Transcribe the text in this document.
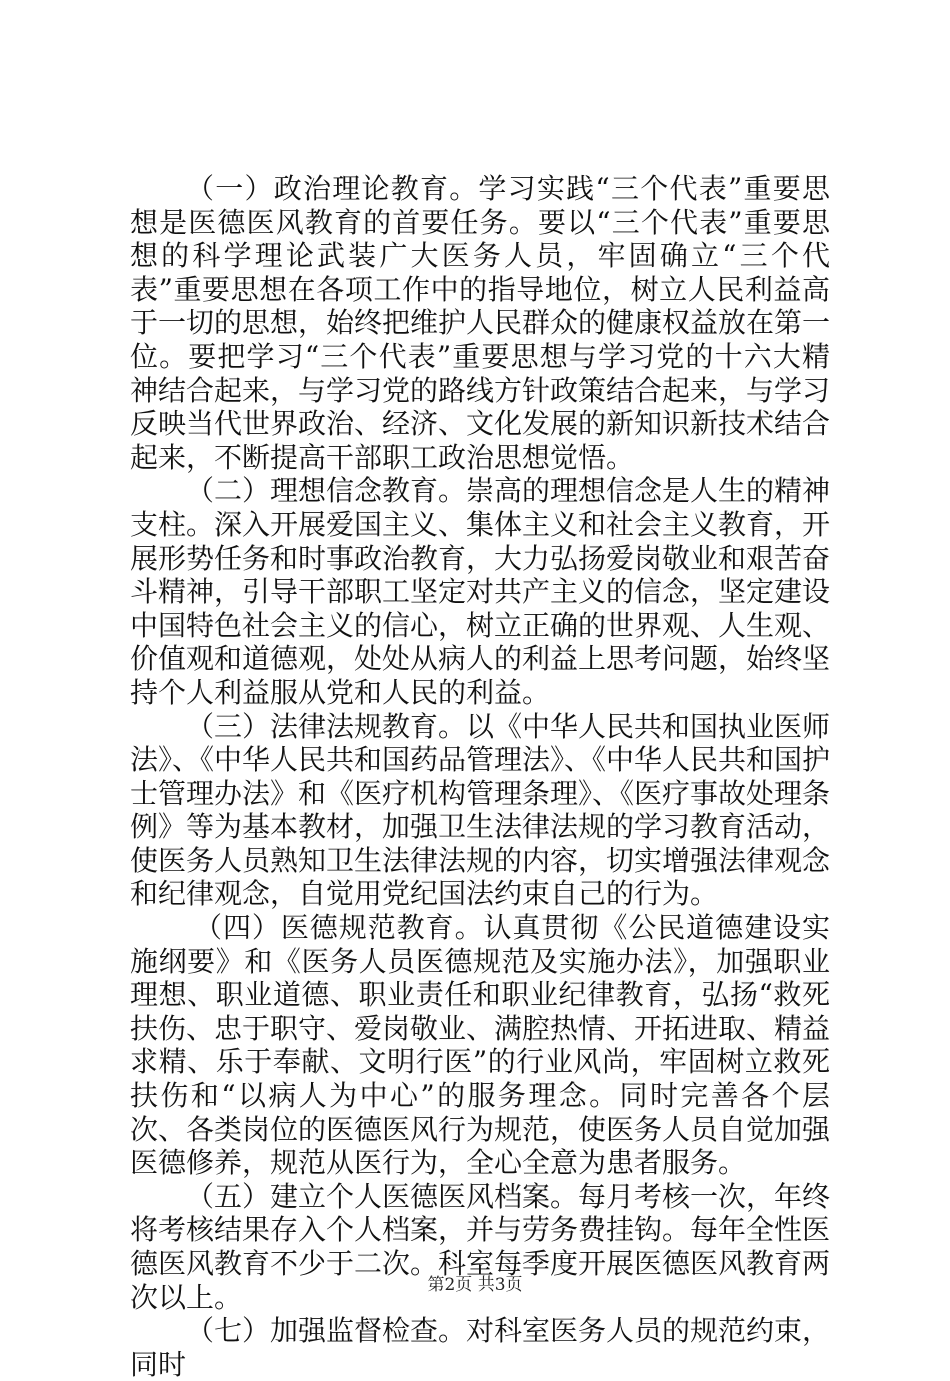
（一）政治理论教育。学习实践“三个代表”重要思想是医德医风教育的首要任务。要以“三个代表”重要思想的科学理论武装广大医务人员，牢固确立“三个代表”重要思想在各项工作中的指导地位，树立人民利益高于一切的思想，始终把维护人民群众的健康权益放在第一位。要把学习“三个代表”重要思想与学习党的十六大精神结合起来，与学习党的路线方针政策结合起来，与学习反映当代世界政治、经济、文化发展的新知识新技术结合起来，不断提高干部职工政治思想觉悟。

（二）理想信念教育。崇高的理想信念是人生的精神支柱。深入开展爱国主义、集体主义和社会主义教育，开展形势任务和时事政治教育，大力弘扬爱岗敬业和艰苦奋斗精神，引导干部职工坚定对共产主义的信念，坚定建设中国特色社会主义的信心，树立正确的世界观、人生观、价值观和道德观，处处从病人的利益上思考问题，始终坚持个人利益服从党和人民的利益。

（三）法律法规教育。以《中华人民共和国执业医师法》、《中华人民共和国药品管理法》、《中华人民共和国护士管理办法》和《医疗机构管理条理》、《医疗事故处理条例》等为基本教材，加强卫生法律法规的学习教育活动，使医务人员熟知卫生法律法规的内容，切实增强法律观念和纪律观念，自觉用党纪国法约束自己的行为。

（四）医德规范教育。认真贯彻《公民道德建设实施纲要》和《医务人员医德规范及实施办法》，加强职业理想、职业道德、职业责任和职业纪律教育，弘扬“救死扶伤、忠于职守、爱岗敬业、满腔热情、开拓进取、精益求精、乐于奉献、文明行医”的行业风尚，牢固树立救死扶伤和“以病人为中心”的服务理念。同时完善各个层次、各类岗位的医德医风行为规范，使医务人员自觉加强医德修养，规范从医行为，全心全意为患者服务。

（五）建立个人医德医风档案。每月考核一次，年终将考核结果存入个人档案，并与劳务费挂钩。每年全性医德医风教育不少于二次。科室每季度开展医德医风教育两次以上。

（七）加强监督检查。对科室医务人员的规范约束，同时

第2页 共3页
